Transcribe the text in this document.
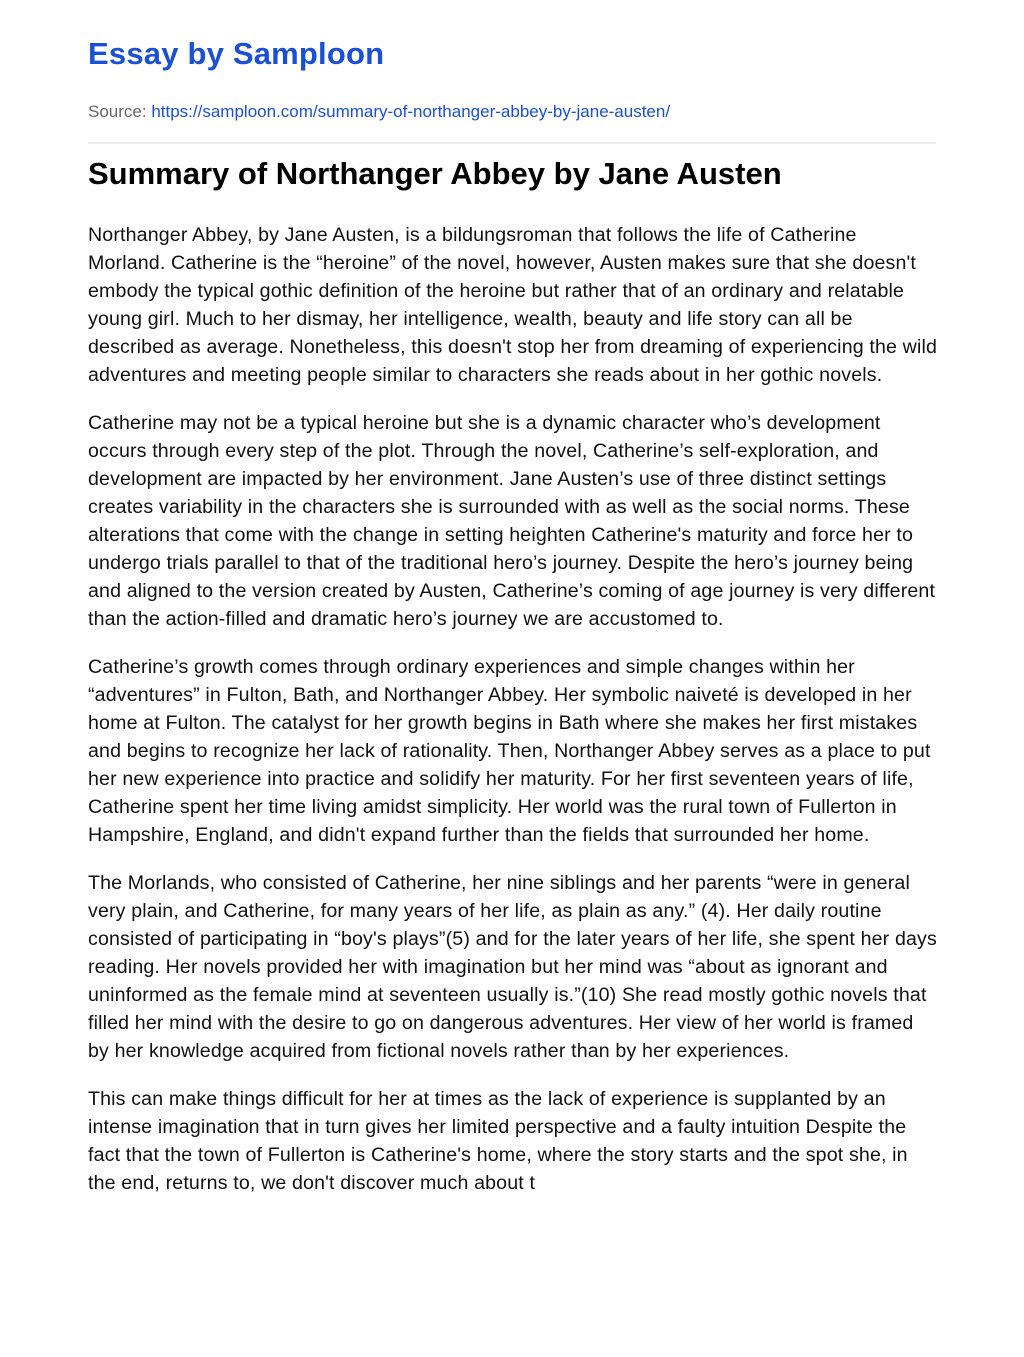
Essay by Samploon
Source: https://samploon.com/summary-of-northanger-abbey-by-jane-austen/
Summary of Northanger Abbey by Jane Austen

Northanger Abbey, by Jane Austen, is a bildungsroman that follows the life of Catherine Morland. Catherine is the “heroine” of the novel, however, Austen makes sure that she doesn't embody the typical gothic definition of the heroine but rather that of an ordinary and relatable young girl. Much to her dismay, her intelligence, wealth, beauty and life story can all be described as average. Nonetheless, this doesn't stop her from dreaming of experiencing the wild adventures and meeting people similar to characters she reads about in her gothic novels.

Catherine may not be a typical heroine but she is a dynamic character who’s development occurs through every step of the plot. Through the novel, Catherine’s self-exploration, and development are impacted by her environment. Jane Austen’s use of three distinct settings creates variability in the characters she is surrounded with as well as the social norms. These alterations that come with the change in setting heighten Catherine's maturity and force her to undergo trials parallel to that of the traditional hero’s journey. Despite the hero’s journey being and aligned to the version created by Austen, Catherine’s coming of age journey is very different than the action-filled and dramatic hero’s journey we are accustomed to.

Catherine’s growth comes through ordinary experiences and simple changes within her “adventures” in Fulton, Bath, and Northanger Abbey. Her symbolic naiveté is developed in her home at Fulton. The catalyst for her growth begins in Bath where she makes her first mistakes and begins to recognize her lack of rationality. Then, Northanger Abbey serves as a place to put her new experience into practice and solidify her maturity. For her first seventeen years of life, Catherine spent her time living amidst simplicity. Her world was the rural town of Fullerton in Hampshire, England, and didn't expand further than the fields that surrounded her home.

The Morlands, who consisted of Catherine, her nine siblings and her parents “were in general very plain, and Catherine, for many years of her life, as plain as any.” (4). Her daily routine consisted of participating in “boy's plays”(5) and for the later years of her life, she spent her days reading. Her novels provided her with imagination but her mind was “about as ignorant and uninformed as the female mind at seventeen usually is.”(10) She read mostly gothic novels that filled her mind with the desire to go on dangerous adventures. Her view of her world is framed by her knowledge acquired from fictional novels rather than by her experiences.

This can make things difficult for her at times as the lack of experience is supplanted by an intense imagination that in turn gives her limited perspective and a faulty intuition Despite the fact that the town of Fullerton is Catherine's home, where the story starts and the spot she, in the end, returns to, we don't discover much about t
